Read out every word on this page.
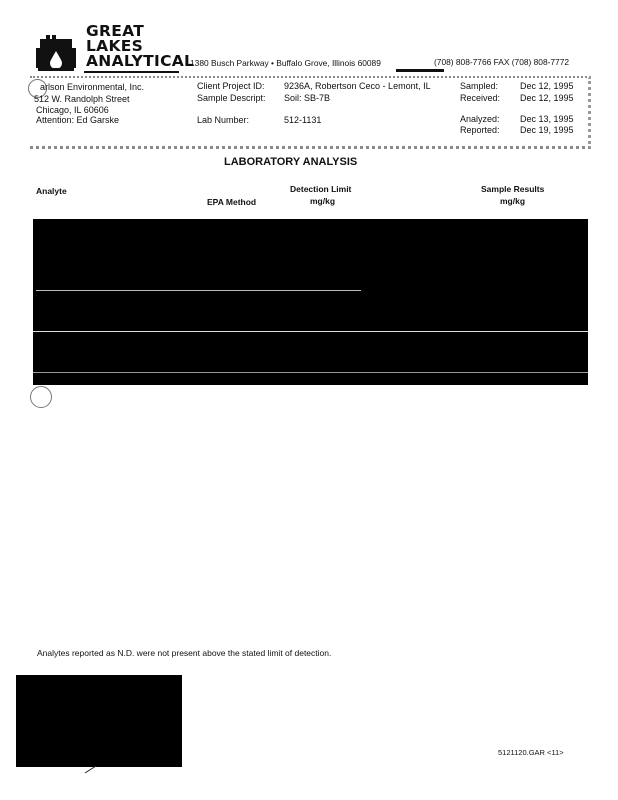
GREAT
LAKES
ANALYTICAL
1380 Busch Parkway • Buffalo Grove, Illinois 60089	(708) 808-7766 FAX (708) 808-7772
arlson Environmental, Inc.
512 W. Randolph Street
Chicago, IL 60606
Attention: Ed Garske
Client Project ID: 9236A, Robertson Ceco - Lemont, IL
Sample Descript: Soil: SB-7B
Lab Number:	512-1131
Sampled: Dec 12, 1995
Received: Dec 12, 1995
Analyzed: Dec 13, 1995
Reported: Dec 19, 1995
LABORATORY ANALYSIS
Analyte
EPA Method
Detection Limit
mg/kg
Sample Results
mg/kg
Analytes reported as N.D. were not present above the stated limit of detection.
5121120.GAR <11>
